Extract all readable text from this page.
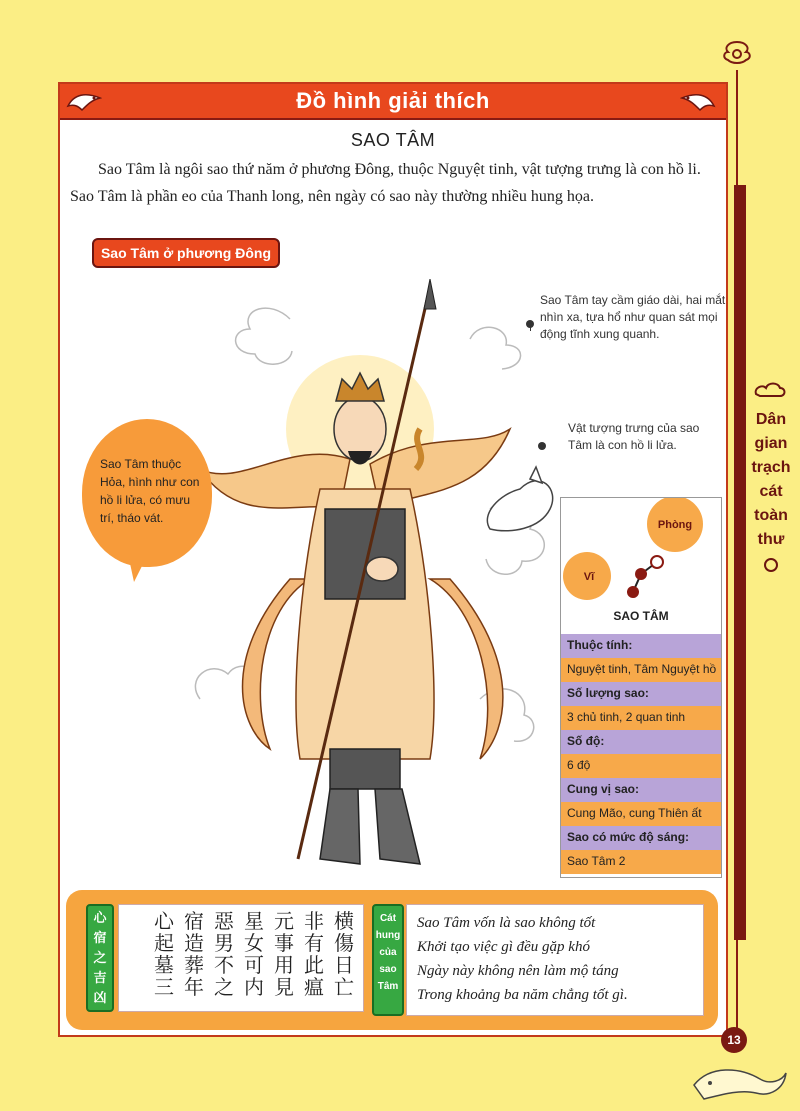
Dân
gian
trạch
cát
toàn
thư
Đồ hình giải thích
SAO TÂM

Sao Tâm là ngôi sao thứ năm ở phương Đông, thuộc Nguyệt tinh, vật tượng trưng là con hồ li. Sao Tâm là phần eo của Thanh long, nên ngày có sao này thường nhiều hung họa.

Sao Tâm ở phương Đông

Sao Tâm tay cầm giáo dài, hai mắt nhìn xa, tựa hổ như quan sát mọi động tĩnh xung quanh.

Vật tượng trưng của sao Tâm là con hồ li lửa.

Sao Tâm thuộc Hỏa, hình như con hồ li lửa, có mưu trí, tháo vát.	Phòng
Vĩ
SAO TÂM
Thuộc tính:
Nguyệt tinh, Tâm Nguyệt hồ
Số lượng sao:
3 chủ tinh, 2 quan tinh
Số độ:
6 độ
Cung vị sao:
Cung Mão, cung Thiên ất
Sao có mức độ sáng:
Sao Tâm 2
心
宿
之
吉
凶
横
傷
日
亡
非
有
此
瘟
元
事
用
見
星
女
可
内
惡
男
不
之
宿
造
葬
年
心
起
墓
三
Cát
hung
của
sao
Tâm

Sao Tâm vốn là sao không tốt

Khởi tạo việc gì đều gặp khó

Ngày này không nên làm mộ táng

Trong khoảng ba năm chẳng tốt gì.

13
